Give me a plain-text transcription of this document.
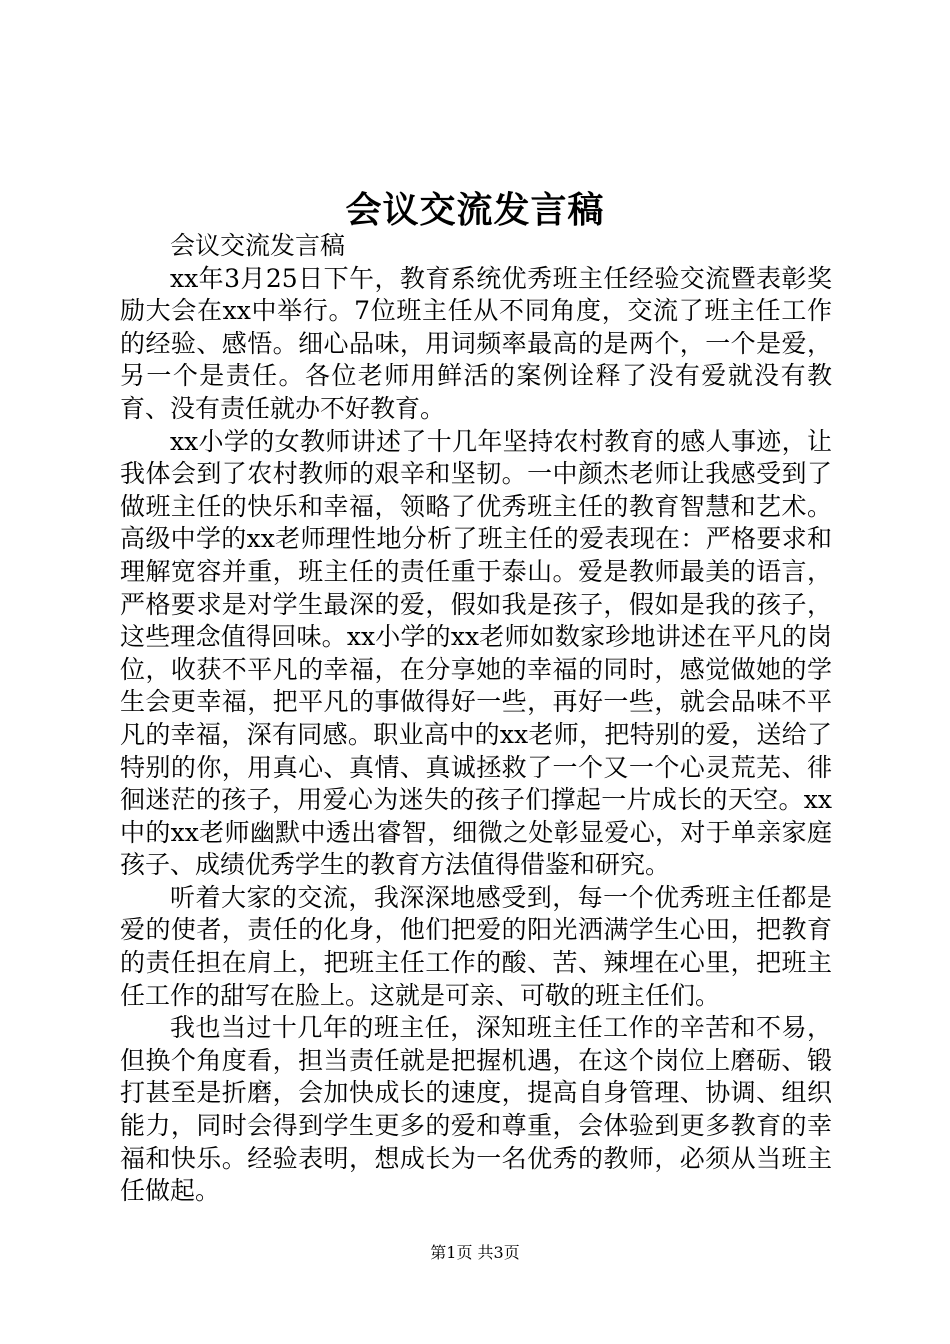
会议交流发言稿

会议交流发言稿

xx年3月25日下午，教育系统优秀班主任经验交流暨表彰奖励大会在xx中举行。7位班主任从不同角度，交流了班主任工作的经验、感悟。细心品味，用词频率最高的是两个，一个是爱，另一个是责任。各位老师用鲜活的案例诠释了没有爱就没有教育、没有责任就办不好教育。

xx小学的女教师讲述了十几年坚持农村教育的感人事迹，让我体会到了农村教师的艰辛和坚韧。一中颜杰老师让我感受到了做班主任的快乐和幸福，领略了优秀班主任的教育智慧和艺术。高级中学的xx老师理性地分析了班主任的爱表现在：严格要求和理解宽容并重，班主任的责任重于泰山。爱是教师最美的语言，严格要求是对学生最深的爱，假如我是孩子，假如是我的孩子，这些理念值得回味。xx小学的xx老师如数家珍地讲述在平凡的岗位，收获不平凡的幸福，在分享她的幸福的同时，感觉做她的学生会更幸福，把平凡的事做得好一些，再好一些，就会品味不平凡的幸福，深有同感。职业高中的xx老师，把特别的爱，送给了特别的你，用真心、真情、真诚拯救了一个又一个心灵荒芜、徘徊迷茫的孩子，用爱心为迷失的孩子们撑起一片成长的天空。xx中的xx老师幽默中透出睿智，细微之处彰显爱心，对于单亲家庭孩子、成绩优秀学生的教育方法值得借鉴和研究。

听着大家的交流，我深深地感受到，每一个优秀班主任都是爱的使者，责任的化身，他们把爱的阳光洒满学生心田，把教育的责任担在肩上，把班主任工作的酸、苦、辣埋在心里，把班主任工作的甜写在脸上。这就是可亲、可敬的班主任们。

我也当过十几年的班主任，深知班主任工作的辛苦和不易，但换个角度看，担当责任就是把握机遇，在这个岗位上磨砺、锻打甚至是折磨，会加快成长的速度，提高自身管理、协调、组织能力，同时会得到学生更多的爱和尊重，会体验到更多教育的幸福和快乐。经验表明，想成长为一名优秀的教师，必须从当班主任做起。

第1页 共3页
